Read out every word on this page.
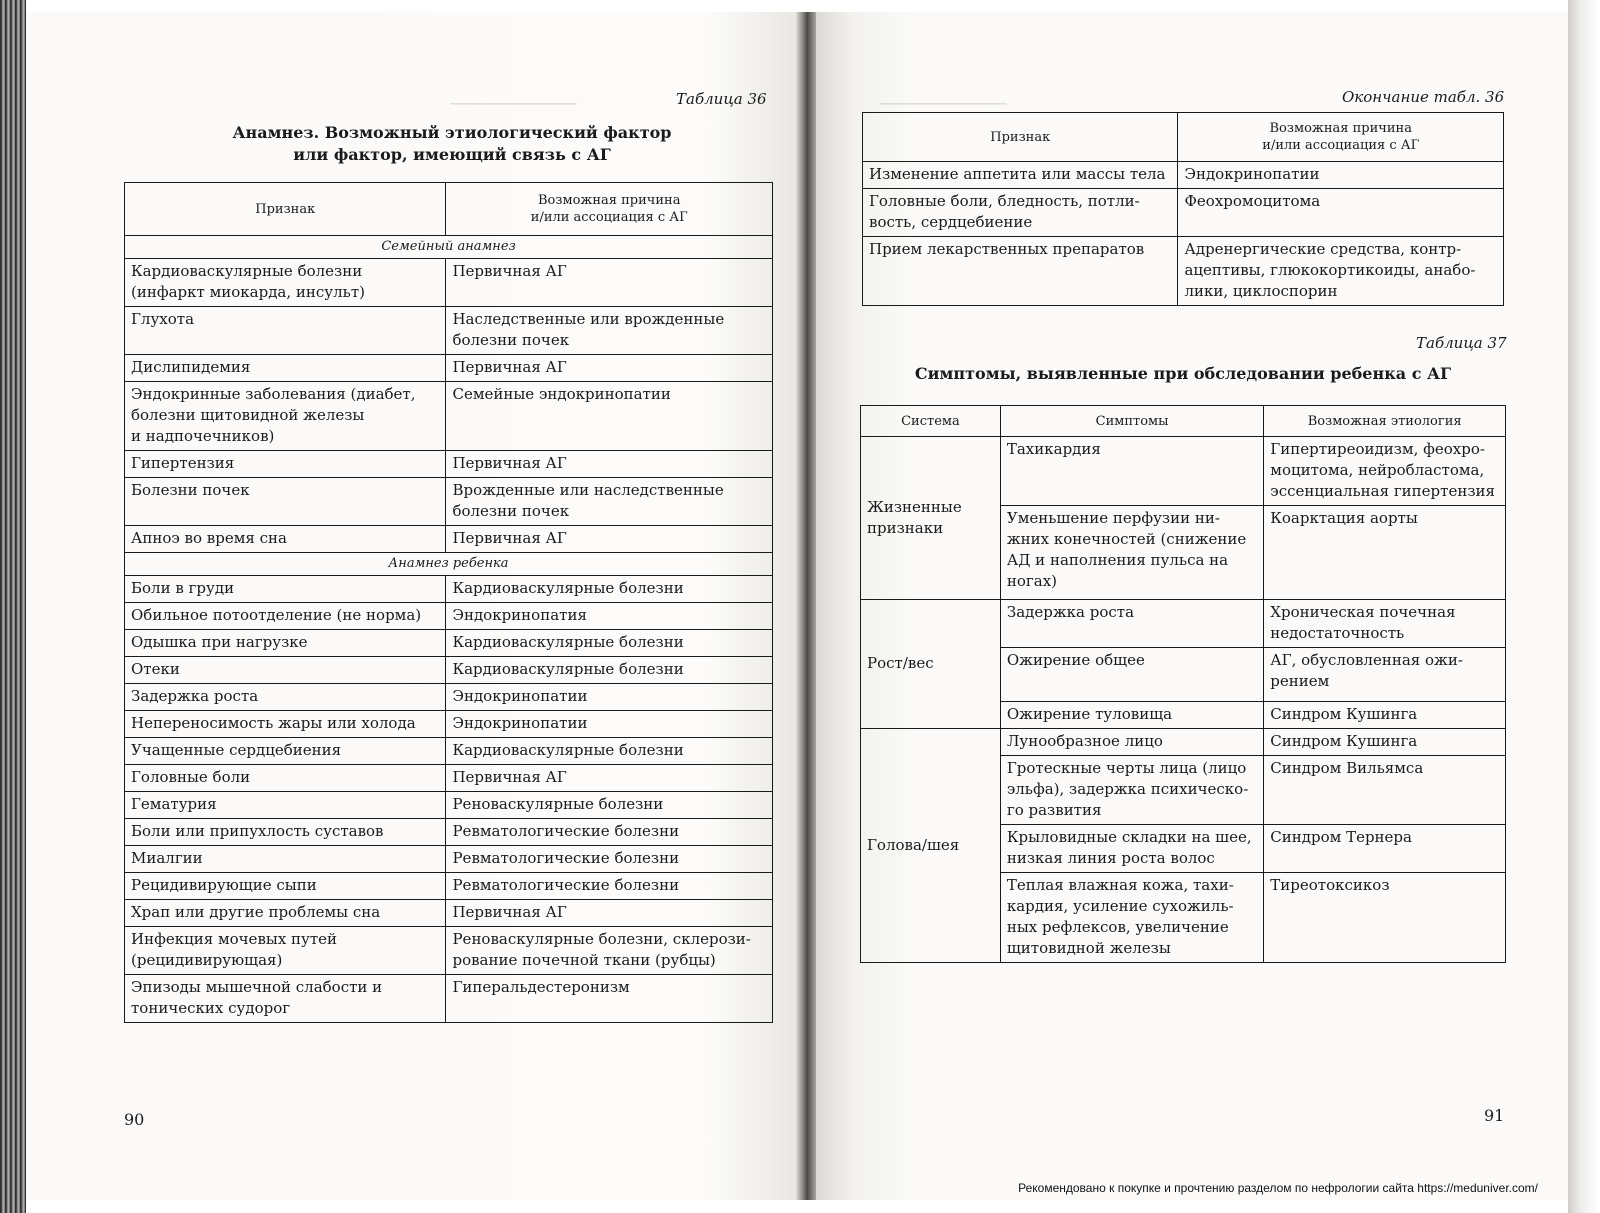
──────────────	──────────────
Таблица 36
Анамнез. Возможный этиологический фактор
или фактор, имеющий связь с АГ
Признак	Возможная причина
и/или ассоциация с АГ
Семейный анамнез	
Кардиоваскулярные болезни
(инфаркт миокарда, инсульт)	Первичная АГ
Глухота	Наследственные или врожденные
болезни почек
Дислипидемия	Первичная АГ
Эндокринные заболевания (диабет,
болезни щитовидной железы
и надпочечников)	Семейные эндокринопатии
Гипертензия	Первичная АГ
Болезни почек	Врожденные или наследственные
болезни почек
Апноэ во время сна	Первичная АГ
Анамнез ребенка	
Боли в груди	Кардиоваскулярные болезни
Обильное потоотделение (не норма)	Эндокринопатия
Одышка при нагрузке	Кардиоваскулярные болезни
Отеки	Кардиоваскулярные болезни
Задержка роста	Эндокринопатии
Непереносимость жары или холода	Эндокринопатии
Учащенные сердцебиения	Кардиоваскулярные болезни
Головные боли	Первичная АГ
Гематурия	Реноваскулярные болезни
Боли или припухлость суставов	Ревматологические болезни
Миалгии	Ревматологические болезни
Рецидивирующие сыпи	Ревматологические болезни
Храп или другие проблемы сна	Первичная АГ
Инфекция мочевых путей
(рецидивирующая)	Реноваскулярные болезни, склерози-
рование почечной ткани (рубцы)
Эпизоды мышечной слабости и
тонических судорог	Гиперальдестеронизм
90
Окончание табл. 36
Признак	Возможная причина
и/или ассоциация с АГ
Изменение аппетита или массы тела	Эндокринопатии
Головные боли, бледность, потли-
вость, сердцебиение	Феохромоцитома
Прием лекарственных препаратов	Адренергические средства, контр-
ацептивы, глюкокортикоиды, анабо-
лики, циклоспорин
Таблица 37
Симптомы, выявленные при обследовании ребенка с АГ
Система	Симптомы	Возможная этиология
Жизненные
признаки	Тахикардия	Гипертиреоидизм, феохро-
моцитома, нейробластома,
эссенциальная гипертензия
	Уменьшение перфузии ни-
жних конечностей (снижение
АД и наполнения пульса на
ногах)	Коарктация аорты
Рост/вес	Задержка роста	Хроническая почечная
недостаточность
	Ожирение общее	АГ, обусловленная ожи-
рением
	Ожирение туловища	Синдром Кушинга
Голова/шея	Лунообразное лицо	Синдром Кушинга
	Гротескные черты лица (лицо
эльфа), задержка психическо-
го развития	Синдром Вильямса
	Крыловидные складки на шее,
низкая линия роста волос	Синдром Тернера
	Теплая влажная кожа, тахи-
кардия, усиление сухожиль-
ных рефлексов, увеличение
щитовидной железы	Тиреотоксикоз
91
Рекомендовано к покупке и прочтению разделом по нефрологии сайта https://meduniver.com/
